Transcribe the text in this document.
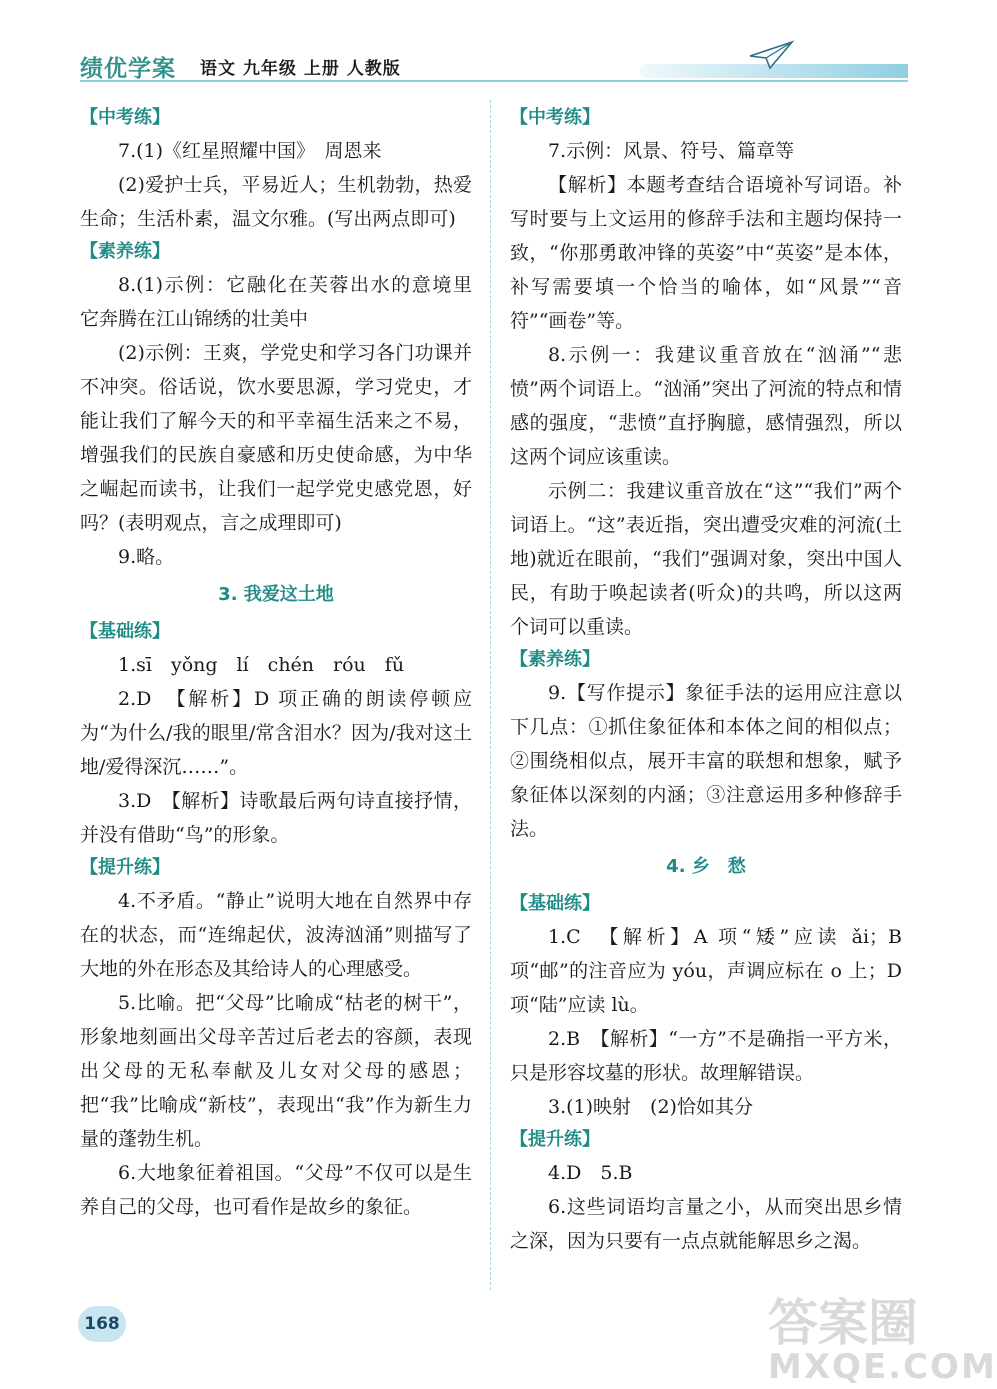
绩优学案 语文 九年级 上册 人教版
【中考练】
7.(1)《红星照耀中国》　周恩来
(2)爱护士兵，平易近人；生机勃勃，热爱生命；生活朴素，温文尔雅。(写出两点即可)
【素养练】
8.(1)示例：它融化在芙蓉出水的意境里　它奔腾在江山锦绣的壮美中
(2)示例：王爽，学党史和学习各门功课并不冲突。俗话说，饮水要思源，学习党史，才能让我们了解今天的和平幸福生活来之不易，增强我们的民族自豪感和历史使命感，为中华之崛起而读书，让我们一起学党史感党恩，好吗？(表明观点，言之成理即可)
9.略。
3. 我爱这土地
【基础练】
1.sī　yǒng　lí　chén　róu　fǔ
2.D　【解析】D 项正确的朗读停顿应为“为什么/我的眼里/常含泪水？因为/我对这土地/爱得深沉……”。
3.D　【解析】诗歌最后两句诗直接抒情，并没有借助“鸟”的形象。
【提升练】
4.不矛盾。“静止”说明大地在自然界中存在的状态，而“连绵起伏，波涛汹涌”则描写了大地的外在形态及其给诗人的心理感受。
5.比喻。把“父母”比喻成“枯老的树干”，形象地刻画出父母辛苦过后老去的容颜，表现出父母的无私奉献及儿女对父母的感恩；把“我”比喻成“新枝”，表现出“我”作为新生力量的蓬勃生机。
6.大地象征着祖国。“父母”不仅可以是生养自己的父母，也可看作是故乡的象征。
【中考练】
7.示例：风景、符号、篇章等
【解析】本题考查结合语境补写词语。补写时要与上文运用的修辞手法和主题均保持一致，“你那勇敢冲锋的英姿”中“英姿”是本体，补写需要填一个恰当的喻体，如“风景”“音符”“画卷”等。
8.示例一：我建议重音放在“汹涌”“悲愤”两个词语上。“汹涌”突出了河流的特点和情感的强度，“悲愤”直抒胸臆，感情强烈，所以这两个词应该重读。
示例二：我建议重音放在“这”“我们”两个词语上。“这”表近指，突出遭受灾难的河流(土地)就近在眼前，“我们”强调对象，突出中国人民，有助于唤起读者(听众)的共鸣，所以这两个词可以重读。
【素养练】
9.【写作提示】象征手法的运用应注意以下几点：①抓住象征体和本体之间的相似点；②围绕相似点，展开丰富的联想和想象，赋予象征体以深刻的内涵；③注意运用多种修辞手法。
4. 乡　愁
【基础练】
1.C　【解析】A 项“矮”应读 ǎi；B 项“邮”的注音应为 yóu，声调应标在 o 上；D 项“陆”应读 lù。
2.B　【解析】“一方”不是确指一平方米，只是形容坟墓的形状。故理解错误。
3.(1)映射　(2)恰如其分
【提升练】
4.D　5.B
6.这些词语均言量之小，从而突出思乡情之深，因为只要有一点点就能解思乡之渴。
168	答案圈
MXQE.COM
